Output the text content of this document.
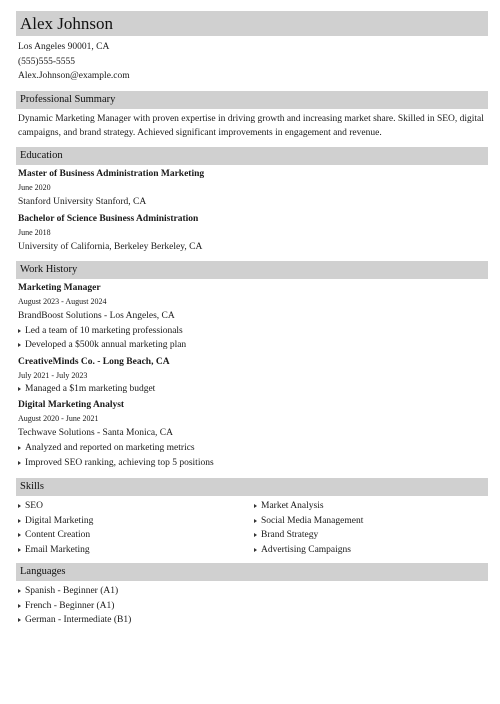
Alex Johnson
Los Angeles 90001, CA
(555)555-5555
Alex.Johnson@example.com
Professional Summary
Dynamic Marketing Manager with proven expertise in driving growth and increasing market share. Skilled in SEO, digital campaigns, and brand strategy. Achieved significant improvements in engagement and revenue.
Education
Master of Business Administration Marketing
June 2020
Stanford University Stanford, CA
Bachelor of Science Business Administration
June 2018
University of California, Berkeley Berkeley, CA
Work History
Marketing Manager
August 2023 - August 2024
BrandBoost Solutions - Los Angeles, CA
Led a team of 10 marketing professionals
Developed a $500k annual marketing plan
CreativeMinds Co. - Long Beach, CA
July 2021 - July 2023
Managed a $1m marketing budget
Digital Marketing Analyst
August 2020 - June 2021
Techwave Solutions - Santa Monica, CA
Analyzed and reported on marketing metrics
Improved SEO ranking, achieving top 5 positions
Skills
SEO
Digital Marketing
Content Creation
Email Marketing
Market Analysis
Social Media Management
Brand Strategy
Advertising Campaigns
Languages
Spanish - Beginner (A1)
French - Beginner (A1)
German - Intermediate (B1)
